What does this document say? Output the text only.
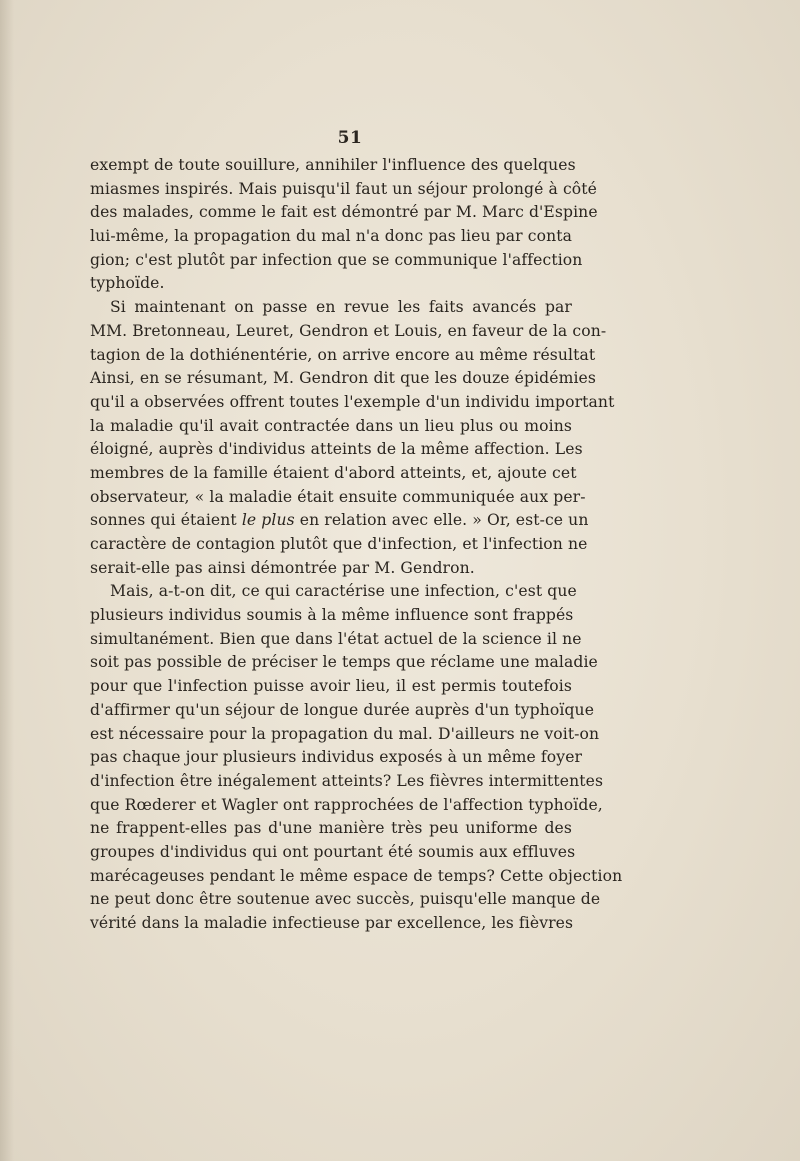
51
exempt de toute souillure, annihiler l'influence des quelques
miasmes inspirés. Mais puisqu'il faut un séjour prolongé à côté
des malades, comme le fait est démontré par M. Marc d'Espine
lui-même, la propagation du mal n'a donc pas lieu par conta
gion; c'est plutôt par infection que se communique l'affection
typhoïde.
Si maintenant on passe en revue les faits avancés par
MM. Bretonneau, Leuret, Gendron et Louis, en faveur de la con-
tagion de la dothiénentérie, on arrive encore au même résultat
Ainsi, en se résumant, M. Gendron dit que les douze épidémies
qu'il a observées offrent toutes l'exemple d'un individu important
la maladie qu'il avait contractée dans un lieu plus ou moins
éloigné, auprès d'individus atteints de la même affection. Les
membres de la famille étaient d'abord atteints, et, ajoute cet
observateur, « la maladie était ensuite communiquée aux per-
sonnes qui étaient le plus en relation avec elle. » Or, est-ce un
caractère de contagion plutôt que d'infection, et l'infection ne
serait-elle pas ainsi démontrée par M. Gendron.
Mais, a-t-on dit, ce qui caractérise une infection, c'est que
plusieurs individus soumis à la même influence sont frappés
simultanément. Bien que dans l'état actuel de la science il ne
soit pas possible de préciser le temps que réclame une maladie
pour que l'infection puisse avoir lieu, il est permis toutefois
d'affirmer qu'un séjour de longue durée auprès d'un typhoïque
est nécessaire pour la propagation du mal. D'ailleurs ne voit-on
pas chaque jour plusieurs individus exposés à un même foyer
d'infection être inégalement atteints? Les fièvres intermittentes
que Rœderer et Wagler ont rapprochées de l'affection typhoïde,
ne frappent-elles pas d'une manière très peu uniforme des
groupes d'individus qui ont pourtant été soumis aux effluves
marécageuses pendant le même espace de temps? Cette objection
ne peut donc être soutenue avec succès, puisqu'elle manque de
vérité dans la maladie infectieuse par excellence, les fièvres
